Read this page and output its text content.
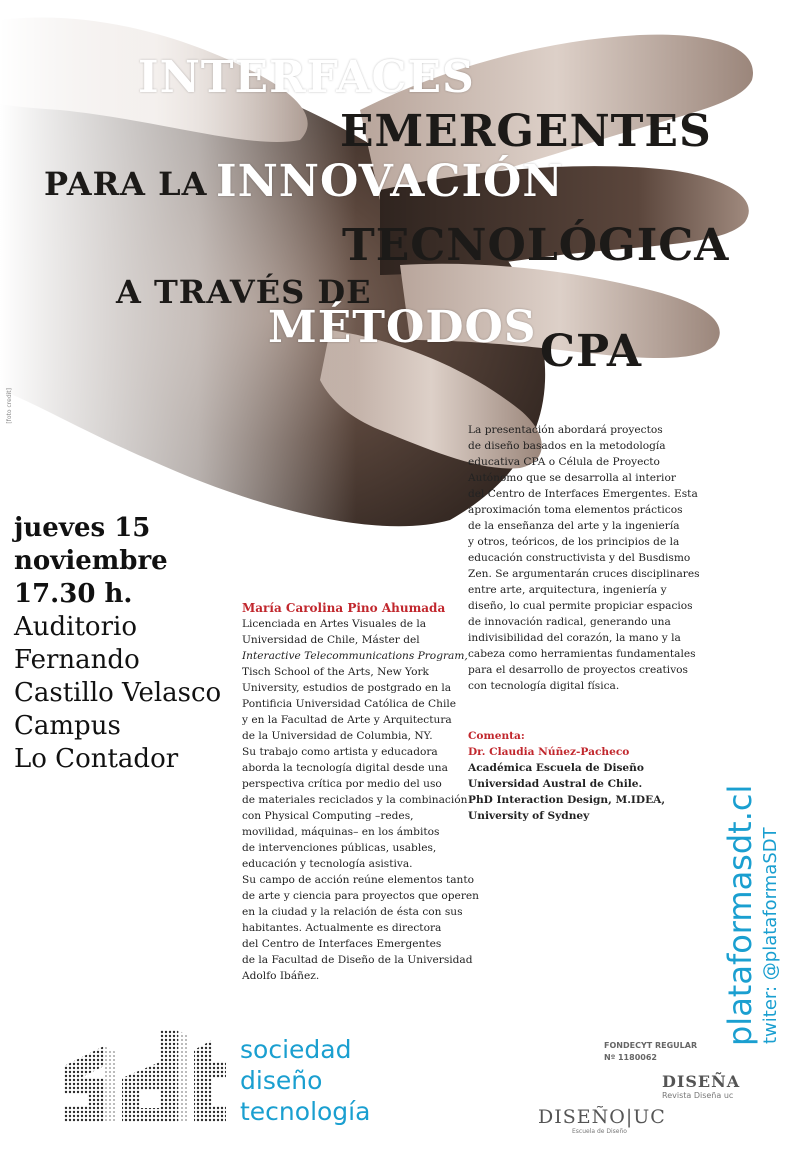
INTERFACES
EMERGENTES
PARA LA INNOVACIÓN
TECNOLÓGICA
A TRAVÉS DE
MÉTODOS CPA
[foto credit]
jueves 15
noviembre
17.30 h.
Auditorio
Fernando
Castillo Velasco
Campus
Lo Contador

La presentación abordará proyectos

de diseño basados en la metodología

educativa CPA o Célula de Proyecto

Autónomo que se desarrolla al interior

del Centro de Interfaces Emergentes. Esta

aproximación toma elementos prácticos

de la enseñanza del arte y la ingeniería

y otros, teóricos, de los principios de la

educación constructivista y del Busdismo

Zen. Se argumentarán cruces disciplinares

entre arte, arquitectura, ingeniería y

diseño, lo cual permite propiciar espacios

de innovación radical, generando una

indivisibilidad del corazón, la mano y la

cabeza como herramientas fundamentales

para el desarrollo de proyectos creativos

con tecnología digital física.

María Carolina Pino Ahumada

Licenciada en Artes Visuales de la

Universidad de Chile, Máster del

Interactive Telecommunications Program,

Tisch School of the Arts, New York

University, estudios de postgrado en la

Pontificia Universidad Católica de Chile

y en la Facultad de Arte y Arquitectura

de la Universidad de Columbia, NY.

Su trabajo como artista y educadora

aborda la tecnología digital desde una

perspectiva crítica por medio del uso

de materiales reciclados y la combinación

con Physical Computing –redes,

movilidad, máquinas– en los ámbitos

de intervenciones públicas, usables,

educación y tecnología asistiva.

Su campo de acción reúne elementos tanto

de arte y ciencia para proyectos que operen

en la ciudad y la relación de ésta con sus

habitantes. Actualmente es directora

del Centro de Interfaces Emergentes

de la Facultad de Diseño de la Universidad

Adolfo Ibáñez.

Comenta:
Dr. Claudia Núñez-Pacheco
Académica Escuela de Diseño
Universidad Austral de Chile.
PhD Interaction Design, M.IDEA,
University of Sydney	plataformasdt.cl twiter: @plataformaSDT
sociedad
diseño
tecnología
FONDECYT REGULAR
Nº 1180062
DISEÑA
Revista Diseña uc
DISEÑO|UC
Escuela de Diseño
